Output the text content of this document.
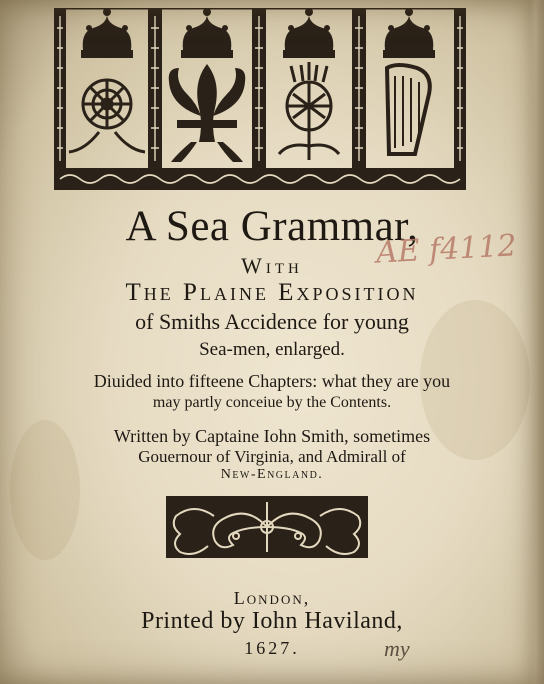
A Sea Grammar,
With
The Plaine Exposition
of Smiths Accidence for young
Sea-men, enlarged.
Diuided into fifteene Chapters: what they are you
may partly conceiue by the Contents.
Written by Captaine Iohn Smith, sometimes
Gouernour of Virginia, and Admirall of
New-England.
London,
Printed by Iohn Haviland,
1627.
AE f4112
my
